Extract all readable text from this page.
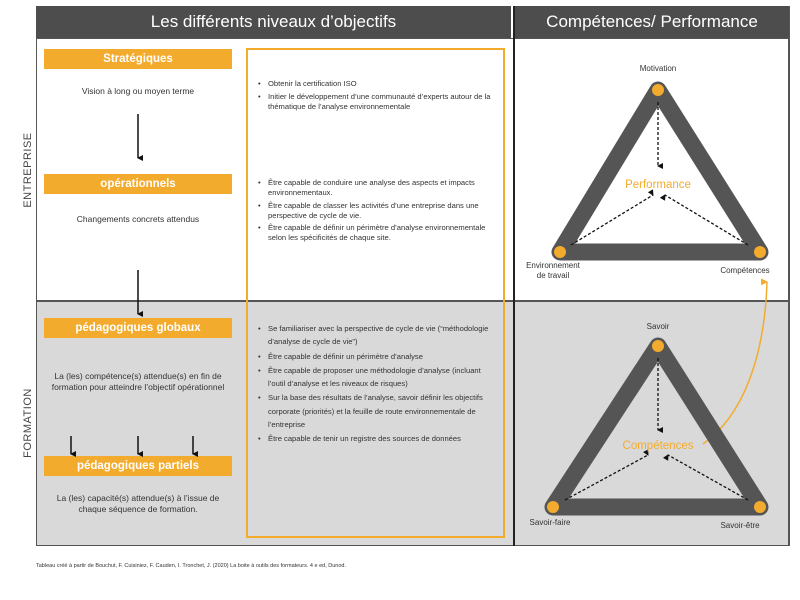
Les différents niveaux d’objectifs	Compétences/ Performance
ENTREPRISE
FORMATION
Stratégiques
Vision à long ou moyen terme
opérationnels
Changements concrets attendus
pédagogiques globaux
La (les) compétence(s) attendue(s) en fin de formation pour atteindre l’objectif opérationnel
pédagogiques partiels
La (les) capacité(s) attendue(s) à l’issue de chaque séquence de formation.
• Obtenir la certification ISO
• Initier le développement d’une communauté d’experts autour de la thématique de l’analyse environnementale
• Être capable de conduire une analyse des aspects et impacts environnementaux.
• Être capable de classer les activités d’une entreprise dans une perspective de cycle de vie.
• Être capable de définir un périmètre d’analyse environnementale selon les spécificités de chaque site.
• Se familiariser avec la perspective de cycle de vie (“méthodologie d’analyse de cycle de vie”)
• Être capable de définir un périmètre d’analyse
• Être capable de proposer une méthodologie d’analyse (incluant l’outil d’analyse et les niveaux de risques)
• Sur la base des résultats de l’analyse, savoir définir les objectifs corporate (priorités) et la feuille de route environnementale de l’entreprise
• Être capable de tenir un registre des sources de données
Performance
Motivation
Environnement de travail
Compétences
Compétences
Savoir
Savoir-faire	Savoir-être
Tableau créé à partir de Bouchut, F. Cuisiniez, F. Cauden, I. Tronchet, J. (2020) La boite à outils des formateurs. 4 e ed, Dunod.
